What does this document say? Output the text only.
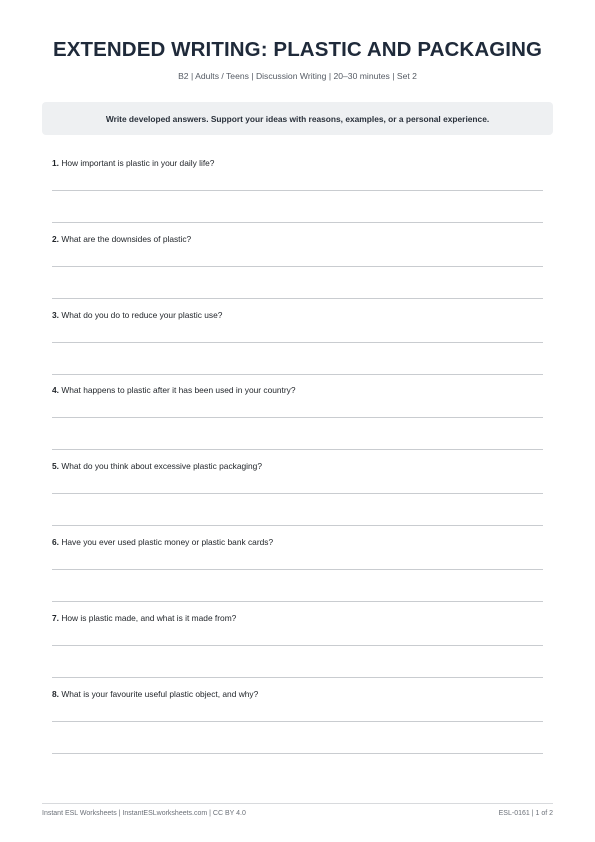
EXTENDED WRITING: PLASTIC AND PACKAGING
B2 | Adults / Teens | Discussion Writing | 20–30 minutes | Set 2
Write developed answers. Support your ideas with reasons, examples, or a personal experience.
1. How important is plastic in your daily life?
2. What are the downsides of plastic?
3. What do you do to reduce your plastic use?
4. What happens to plastic after it has been used in your country?
5. What do you think about excessive plastic packaging?
6. Have you ever used plastic money or plastic bank cards?
7. How is plastic made, and what is it made from?
8. What is your favourite useful plastic object, and why?
Instant ESL Worksheets | InstantESLworksheets.com | CC BY 4.0	ESL-0161 | 1 of 2
